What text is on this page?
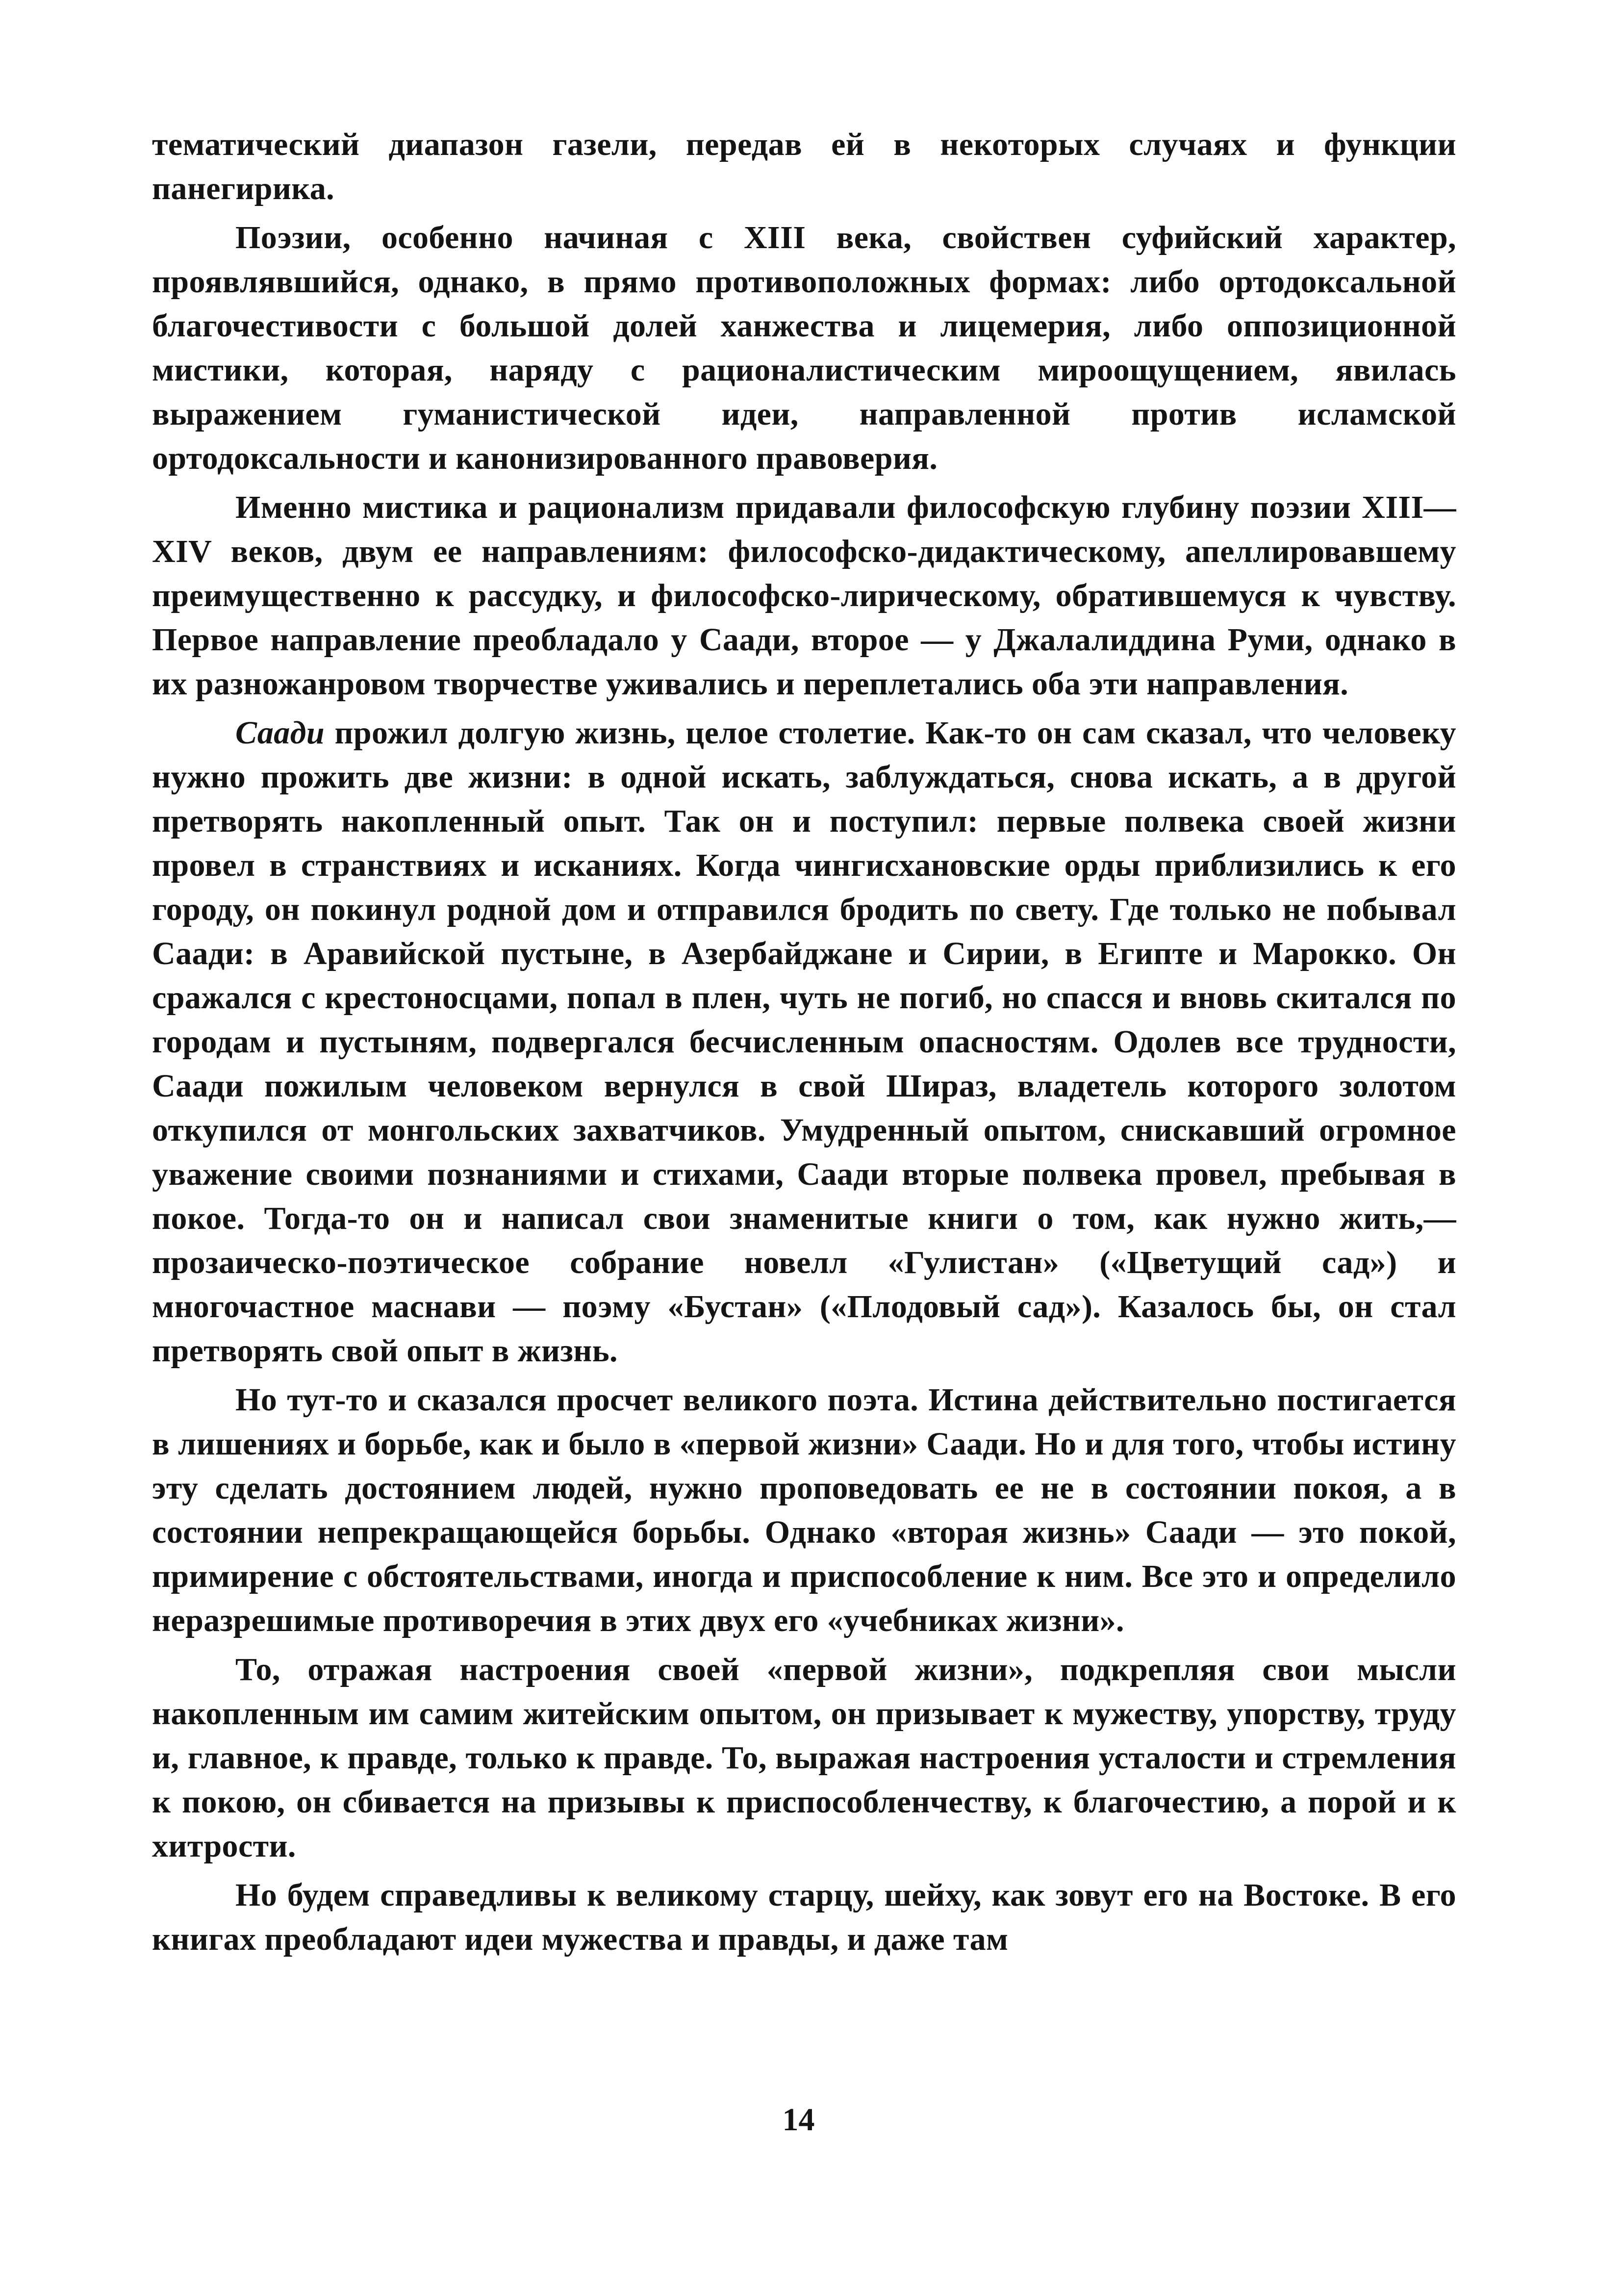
тематический диапазон газели, передав ей в некоторых случаях и функции панегирика.

Поэзии, особенно начиная с XIII века, свойствен суфийский характер, проявлявшийся, однако, в прямо противоположных формах: либо ортодоксальной благочестивости с большой долей ханжества и лицемерия, либо оппозиционной мистики, которая, наряду с рационалистическим мироощущением, явилась выражением гуманистической идеи, направленной против исламской ортодоксальности и канонизированного правоверия.

Именно мистика и рационализм придавали философскую глубину поэзии XIII—XIV веков, двум ее направлениям: философско-дидактическому, апеллировавшему преимущественно к рассудку, и философско-лирическому, обратившемуся к чувству. Первое направление преобладало у Саади, второе — у Джалалиддина Руми, однако в их разножанровом творчестве уживались и переплетались оба эти направления.

Саади прожил долгую жизнь, целое столетие. Как-то он сам сказал, что человеку нужно прожить две жизни: в одной искать, заблуждаться, снова искать, а в другой претворять накопленный опыт. Так он и поступил: первые полвека своей жизни провел в странствиях и исканиях. Когда чингисхановские орды приблизились к его городу, он покинул родной дом и отправился бродить по свету. Где только не побывал Саади: в Аравийской пустыне, в Азербайджане и Сирии, в Египте и Марокко. Он сражался с крестоносцами, попал в плен, чуть не погиб, но спасся и вновь скитался по городам и пустыням, подвергался бесчисленным опасностям. Одолев все трудности, Саади пожилым человеком вернулся в свой Шираз, владетель которого золотом откупился от монгольских захватчиков. Умудренный опытом, снискавший огромное уважение своими познаниями и стихами, Саади вторые полвека провел, пребывая в покое. Тогда-то он и написал свои знаменитые книги о том, как нужно жить,— прозаическо-поэтическое собрание новелл «Гулистан» («Цветущий сад») и многочастное маснави — поэму «Бустан» («Плодовый сад»). Казалось бы, он стал претворять свой опыт в жизнь.

Но тут-то и сказался просчет великого поэта. Истина действительно постигается в лишениях и борьбе, как и было в «первой жизни» Саади. Но и для того, чтобы истину эту сделать достоянием людей, нужно проповедовать ее не в состоянии покоя, а в состоянии непрекращающейся борьбы. Однако «вторая жизнь» Саади — это покой, примирение с обстоятельствами, иногда и приспособление к ним. Все это и определило неразрешимые противоречия в этих двух его «учебниках жизни».

То, отражая настроения своей «первой жизни», подкрепляя свои мысли накопленным им самим житейским опытом, он призывает к мужеству, упорству, труду и, главное, к правде, только к правде. То, выражая настроения усталости и стремления к покою, он сбивается на призывы к приспособленчеству, к благочестию, а порой и к хитрости.

Но будем справедливы к великому старцу, шейху, как зовут его на Востоке. В его книгах преобладают идеи мужества и правды, и даже там

14
